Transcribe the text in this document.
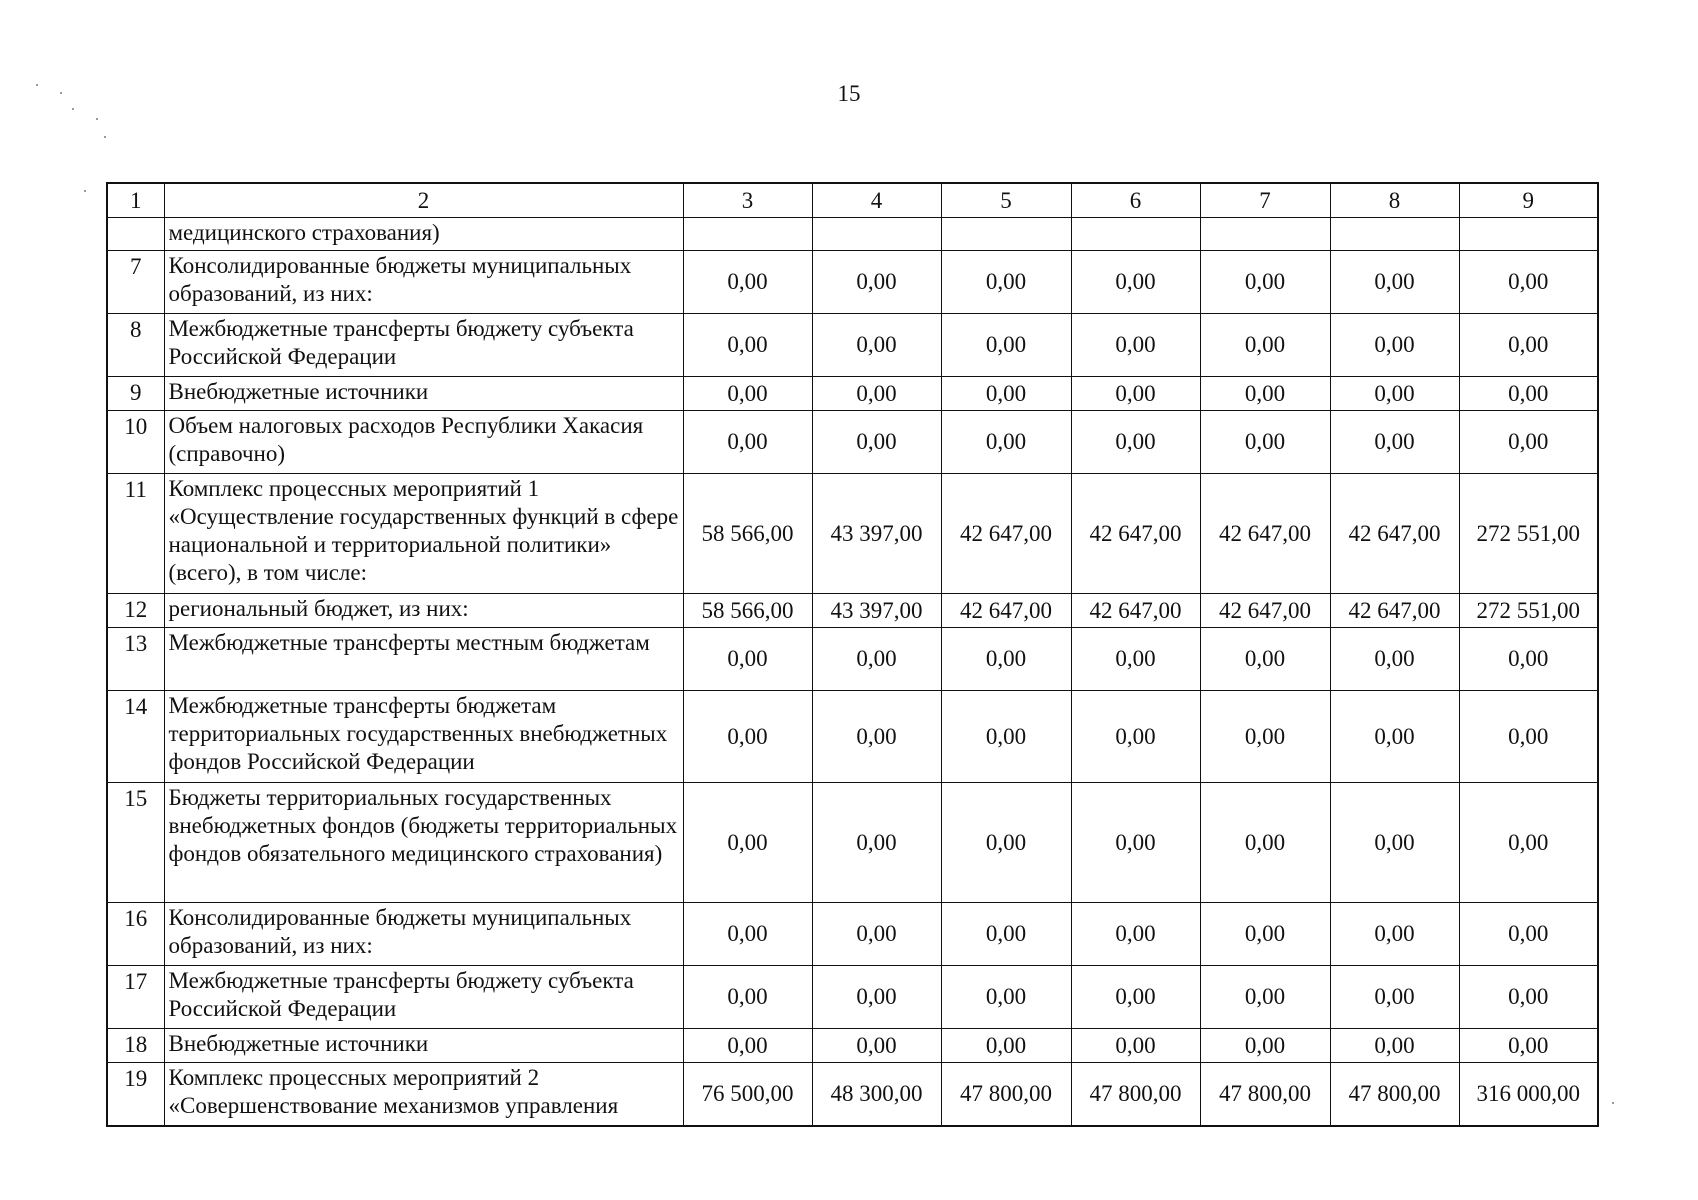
15
1	2	3	4	5	6	7	8	9
	медицинского страхования)							
7	Консолидированные бюджеты муниципальных образований, из них:	0,00	0,00	0,00	0,00	0,00	0,00	0,00
8	Межбюджетные трансферты бюджету субъекта Российской Федерации	0,00	0,00	0,00	0,00	0,00	0,00	0,00
9	Внебюджетные источники	0,00	0,00	0,00	0,00	0,00	0,00	0,00
10	Объем налоговых расходов Республики Хакасия (справочно)	0,00	0,00	0,00	0,00	0,00	0,00	0,00
11	Комплекс процессных мероприятий 1 «Осуществление государственных функций в сфере национальной и территориальной политики» (всего), в том числе:	58 566,00	43 397,00	42 647,00	42 647,00	42 647,00	42 647,00	272 551,00
12	региональный бюджет, из них:	58 566,00	43 397,00	42 647,00	42 647,00	42 647,00	42 647,00	272 551,00
13	Межбюджетные трансферты местным бюджетам	0,00	0,00	0,00	0,00	0,00	0,00	0,00
14	Межбюджетные трансферты бюджетам территориальных государственных внебюджетных фондов Российской Федерации	0,00	0,00	0,00	0,00	0,00	0,00	0,00
15	Бюджеты территориальных государственных внебюджетных фондов (бюджеты территориальных фондов обязательного медицинского страхования)	0,00	0,00	0,00	0,00	0,00	0,00	0,00
16	Консолидированные бюджеты муниципальных образований, из них:	0,00	0,00	0,00	0,00	0,00	0,00	0,00
17	Межбюджетные трансферты бюджету субъекта Российской Федерации	0,00	0,00	0,00	0,00	0,00	0,00	0,00
18	Внебюджетные источники	0,00	0,00	0,00	0,00	0,00	0,00	0,00
19	Комплекс процессных мероприятий 2 «Совершенствование механизмов управления	76 500,00	48 300,00	47 800,00	47 800,00	47 800,00	47 800,00	316 000,00
